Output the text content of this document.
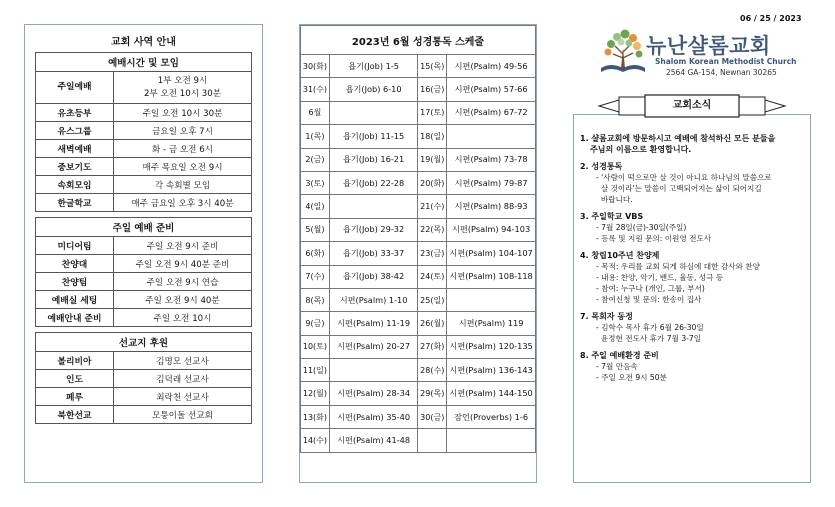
교회 사역 안내
예배시간 및 모임	
주일예배	1부 오전 9시
2부 오전 10시 30분

유초등부	주일 오전 10시 30분
유스그룹	금요일 오후 7시
새벽예배	화 - 금 오전 6시
중보기도	매주 목요일 오전 9시
속회모임	각 속회별 모임
한글학교	매주 금요일 오후 3시 40분
주일 예배 준비	
미디어팀	주일 오전 9시 준비
찬양대	주일 오전 9시 40분 준비
찬양팀	주일 오전 9시 연습
예배실 세팅	주일 오전 9시 40분
예배안내 준비	주일 오전 10시
선교지 후원	
볼리비아	김명모 선교사
인도	김덕래 선교사
페루	최락천 선교사
북한선교	모퉁이돌 선교회
2023년 6월 성경통독 스케줄			
30(화)	욥기(Job) 1-5	15(목)	시편(Psalm) 49-56
31(수)	욥기(Job) 6-10	16(금)	시편(Psalm) 57-66
6월		17(토)	시편(Psalm) 67-72
1(목)	욥기(Job) 11-15	18(일)	
2(금)	욥기(Job) 16-21	19(월)	시편(Psalm) 73-78
3(토)	욥기(Job) 22-28	20(화)	시편(Psalm) 79-87
4(일)		21(수)	시편(Psalm) 88-93
5(월)	욥기(Job) 29-32	22(목)	시편(Psalm) 94-103
6(화)	욥기(Job) 33-37	23(금)	시편(Psalm) 104-107
7(수)	욥기(Job) 38-42	24(토)	시편(Psalm) 108-118
8(목)	시편(Psalm) 1-10	25(일)	
9(금)	시편(Psalm) 11-19	26(월)	시편(Psalm) 119
10(토)	시편(Psalm) 20-27	27(화)	시편(Psalm) 120-135
11(일)		28(수)	시편(Psalm) 136-143
12(월)	시편(Psalm) 28-34	29(목)	시편(Psalm) 144-150
13(화)	시편(Psalm) 35-40	30(금)	잠언(Proverbs) 1-6
14(수)	시편(Psalm) 41-48		
06 / 25 / 2023
뉴난샬롬교회
Shalom Korean Methodist Church
2564 GA-154, Newnan 30265
1. 샬롬교회에 방문하시고 예배에 참석하신 모든 분들을
주님의 이름으로 환영합니다.
2. 성경통독
- '사람이 떡으로만 살 것이 아니요 하나님의 말씀으로
살 것이라'는 말씀이 고백되어지는 삶이 되어지길
바랍니다.
3. 주일학교 VBS
- 7월 28일(금)-30일(주일)
- 등록 및 지원 문의: 이원영 전도사
4. 창립10주년 찬양제
- 목적: 우리를 교회 되게 하심에 대한 감사와 찬양
- 내용: 찬양, 악기, 밴드, 율동, 성극 등
- 참여: 누구나 (개인, 그룹, 부서)
- 참여신청 및 문의: 한송이 집사
7. 목회자 동정
- 김학수 목사 휴가 6월 26-30일
윤정현 전도사 휴가 7월 3-7일
8. 주일 예배환경 준비
- 7월 만음속
- 주일 오전 9시 50분
교회소식
